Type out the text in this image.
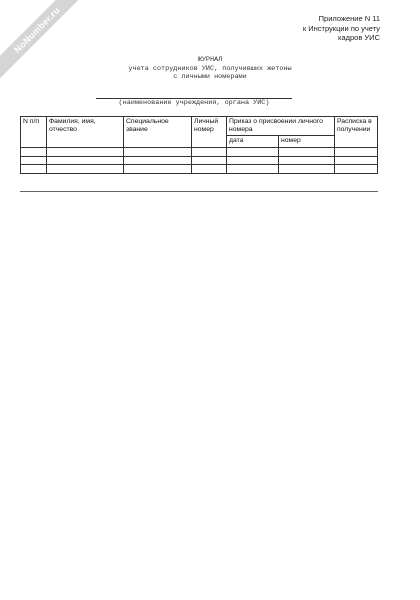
NoNumber.ru	Приложение N 11
к Инструкции по учету
кадров УИС
ЖУРНАЛ
учета сотрудников УИС, получивших жетоны
с личными номерами
(наименование учреждения, органа УИС)
N п/п	Фамилия, имя, отчество	Специальное звание	Личный номер	Приказ о присвоении личного номера		Расписка в получении
				дата	номер	
